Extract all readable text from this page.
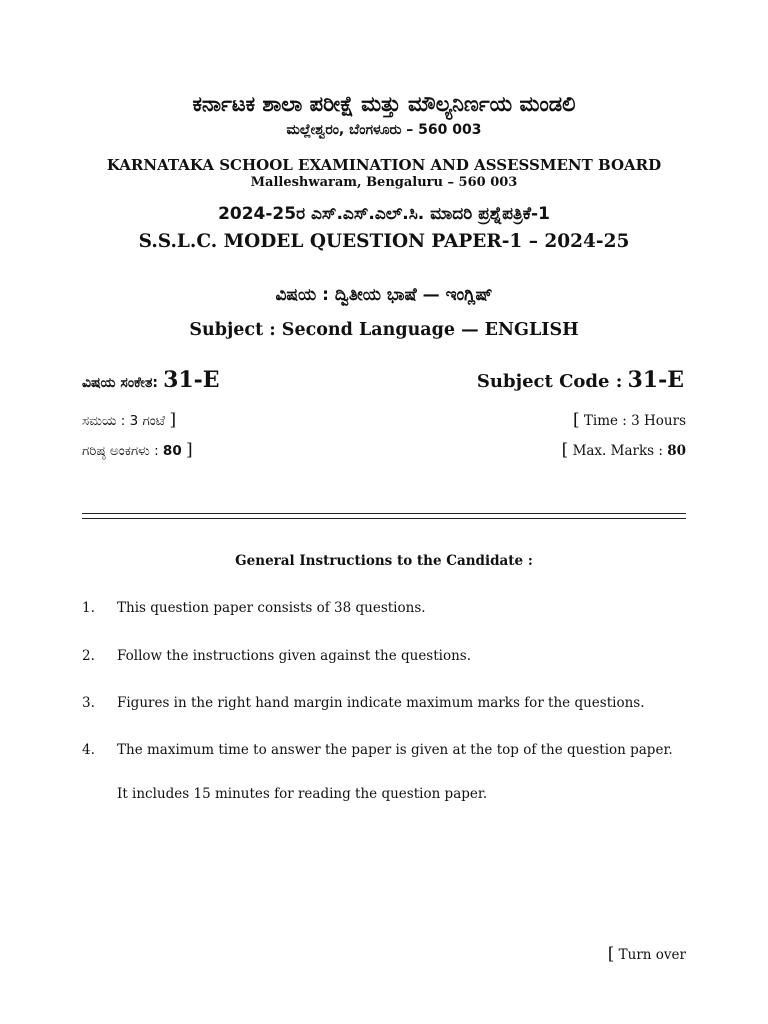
ಕರ್ನಾಟಕ ಶಾಲಾ ಪರೀಕ್ಷೆ ಮತ್ತು ಮೌಲ್ಯನಿರ್ಣಯ ಮಂಡಲಿ
ಮಲ್ಲೇಶ್ವರಂ, ಬೆಂಗಳೂರು – 560 003
KARNATAKA SCHOOL EXAMINATION AND ASSESSMENT BOARD
Malleshwaram, Bengaluru – 560 003
2024-25ರ ಎಸ್.ಎಸ್.ಎಲ್.ಸಿ. ಮಾದರಿ ಪ್ರಶ್ನೆಪತ್ರಿಕೆ-1
S.S.L.C. MODEL QUESTION PAPER-1 – 2024-25
ವಿಷಯ : ದ್ವಿತೀಯ ಭಾಷೆ — ಇಂಗ್ಲಿಷ್
Subject : Second Language — ENGLISH
ವಿಷಯ ಸಂಕೇತ: 31-E	Subject Code : 31-E
ಸಮಯ : 3 ಗಂಟೆ ]	[ Time : 3 Hours
ಗರಿಷ್ಠ ಅಂಕಗಳು : 80 ]	[ Max. Marks : 80
General Instructions to the Candidate :
1. This question paper consists of 38 questions.
2. Follow the instructions given against the questions.
3. Figures in the right hand margin indicate maximum marks for the questions.
4. The maximum time to answer the paper is given at the top of the question paper.
It includes 15 minutes for reading the question paper.
[ Turn over
